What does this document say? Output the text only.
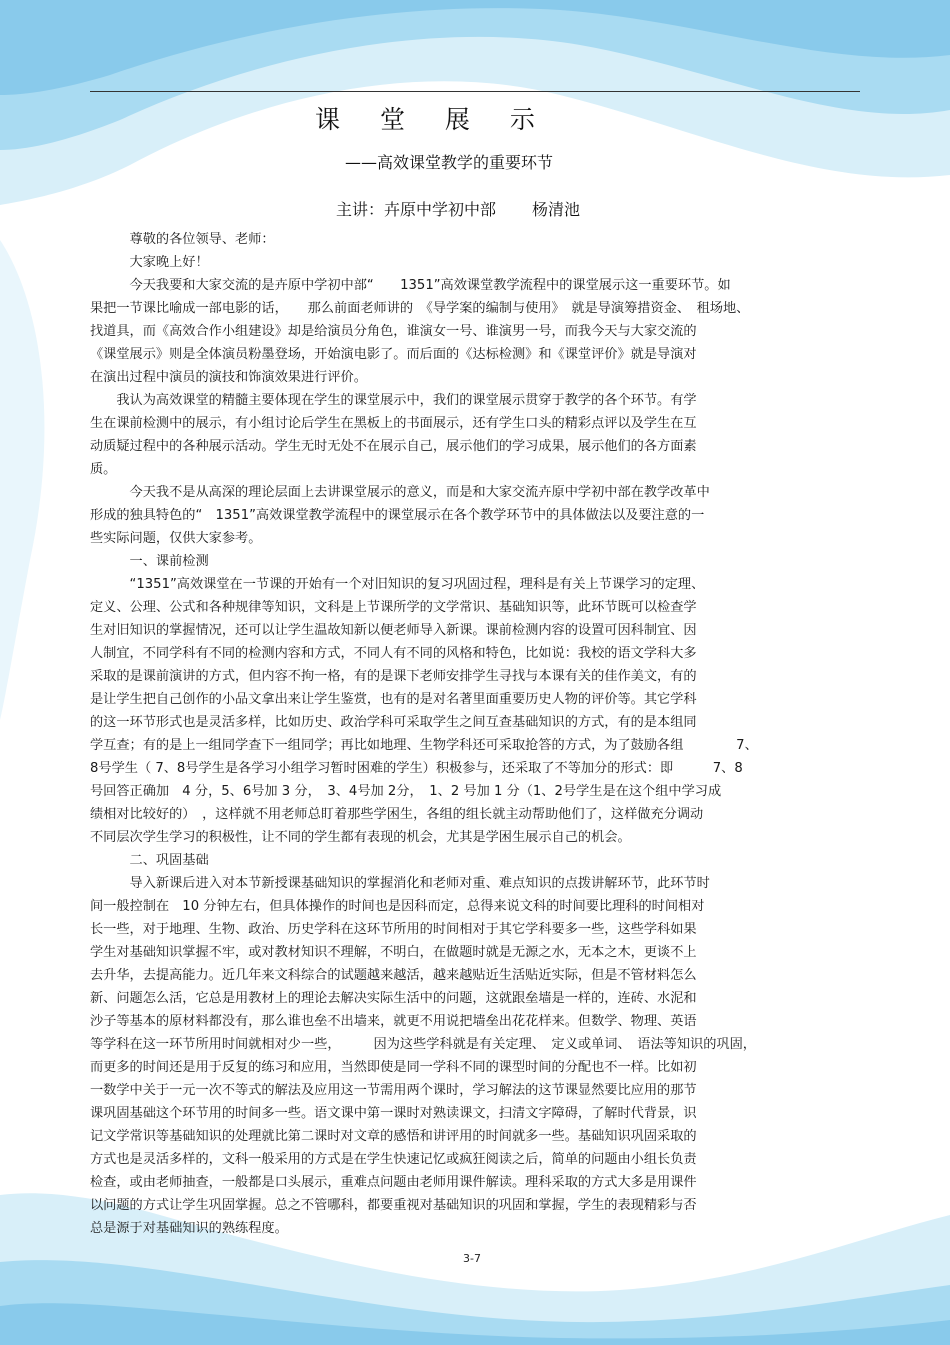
课 堂 展 示
——高效课堂教学的重要环节
主讲：卉原中学初中部 杨清池
　　　尊敬的各位领导、老师：
　　　大家晚上好！
　　　今天我要和大家交流的是卉原中学初中部“　　1351”高效课堂教学流程中的课堂展示这一重要环节。如
果把一节课比喻成一部电影的话，　　那么前面老师讲的　《导学案的编制与使用》　就是导演筹措资金、　租场地、
找道具，而《高效合作小组建设》却是给演员分角色，谁演女一号、谁演男一号，而我今天与大家交流的
《课堂展示》则是全体演员粉墨登场，开始演电影了。而后面的《达标检测》和《课堂评价》就是导演对
在演出过程中演员的演技和饰演效果进行评价。
　　我认为高效课堂的精髓主要体现在学生的课堂展示中，我们的课堂展示贯穿于教学的各个环节。有学
生在课前检测中的展示，有小组讨论后学生在黑板上的书面展示，还有学生口头的精彩点评以及学生在互
动质疑过程中的各种展示活动。学生无时无处不在展示自己，展示他们的学习成果，展示他们的各方面素
质。
　　　今天我不是从高深的理论层面上去讲课堂展示的意义，而是和大家交流卉原中学初中部在教学改革中
形成的独具特色的“　1351”高效课堂教学流程中的课堂展示在各个教学环节中的具体做法以及要注意的一
些实际问题，仅供大家参考。
　　　一、课前检测
　　　“1351”高效课堂在一节课的开始有一个对旧知识的复习巩固过程，理科是有关上节课学习的定理、
定义、公理、公式和各种规律等知识，文科是上节课所学的文学常识、基础知识等，此环节既可以检查学
生对旧知识的掌握情况，还可以让学生温故知新以便老师导入新课。课前检测内容的设置可因科制宜、因
人制宜，不同学科有不同的检测内容和方式，不同人有不同的风格和特色，比如说：我校的语文学科大多
采取的是课前演讲的方式，但内容不拘一格，有的是课下老师安排学生寻找与本课有关的佳作美文，有的
是让学生把自己创作的小品文拿出来让学生鉴赏，也有的是对名著里面重要历史人物的评价等。其它学科
的这一环节形式也是灵活多样，比如历史、政治学科可采取学生之间互查基础知识的方式，有的是本组同
学互查；有的是上一组同学查下一组同学；再比如地理、生物学科还可采取抢答的方式，为了鼓励各组　　　　7、
8号学生（ 7、8号学生是各学习小组学习暂时困难的学生）积极参与，还采取了不等加分的形式：即　　　7、8
号回答正确加　4 分，5、6号加 3 分，　3、4号加 2分，　1、2 号加 1 分（1、2号学生是在这个组中学习成
绩相对比较好的）　，这样就不用老师总盯着那些学困生，各组的组长就主动帮助他们了，这样做充分调动
不同层次学生学习的积极性，让不同的学生都有表现的机会，尤其是学困生展示自己的机会。
　　　二、巩固基础
　　　导入新课后进入对本节新授课基础知识的掌握消化和老师对重、难点知识的点拨讲解环节，此环节时
间一般控制在　10 分钟左右，但具体操作的时间也是因科而定，总得来说文科的时间要比理科的时间相对
长一些，对于地理、生物、政治、历史学科在这环节所用的时间相对于其它学科要多一些，这些学科如果
学生对基础知识掌握不牢，或对教材知识不理解，不明白，在做题时就是无源之水，无本之木，更谈不上
去升华，去提高能力。近几年来文科综合的试题越来越活，越来越贴近生活贴近实际，但是不管材料怎么
新、问题怎么活，它总是用教材上的理论去解决实际生活中的问题，这就跟垒墙是一样的，连砖、水泥和
沙子等基本的原材料都没有，那么谁也垒不出墙来，就更不用说把墙垒出花花样来。但数学、物理、英语
等学科在这一环节所用时间就相对少一些，　　　因为这些学科就是有关定理、　定义或单词、　语法等知识的巩固，
而更多的时间还是用于反复的练习和应用，当然即使是同一学科不同的课型时间的分配也不一样。比如初
一数学中关于一元一次不等式的解法及应用这一节需用两个课时，学习解法的这节课显然要比应用的那节
课巩固基础这个环节用的时间多一些。语文课中第一课时对熟读课文，扫清文字障碍，了解时代背景，识
记文学常识等基础知识的处理就比第二课时对文章的感悟和讲评用的时间就多一些。基础知识巩固采取的
方式也是灵活多样的，文科一般采用的方式是在学生快速记忆或疯狂阅读之后，简单的问题由小组长负责
检查，或由老师抽查，一般都是口头展示，重难点问题由老师用课件解读。理科采取的方式大多是用课件
以问题的方式让学生巩固掌握。总之不管哪科，都要重视对基础知识的巩固和掌握，学生的表现精彩与否
总是源于对基础知识的熟练程度。
3-7
